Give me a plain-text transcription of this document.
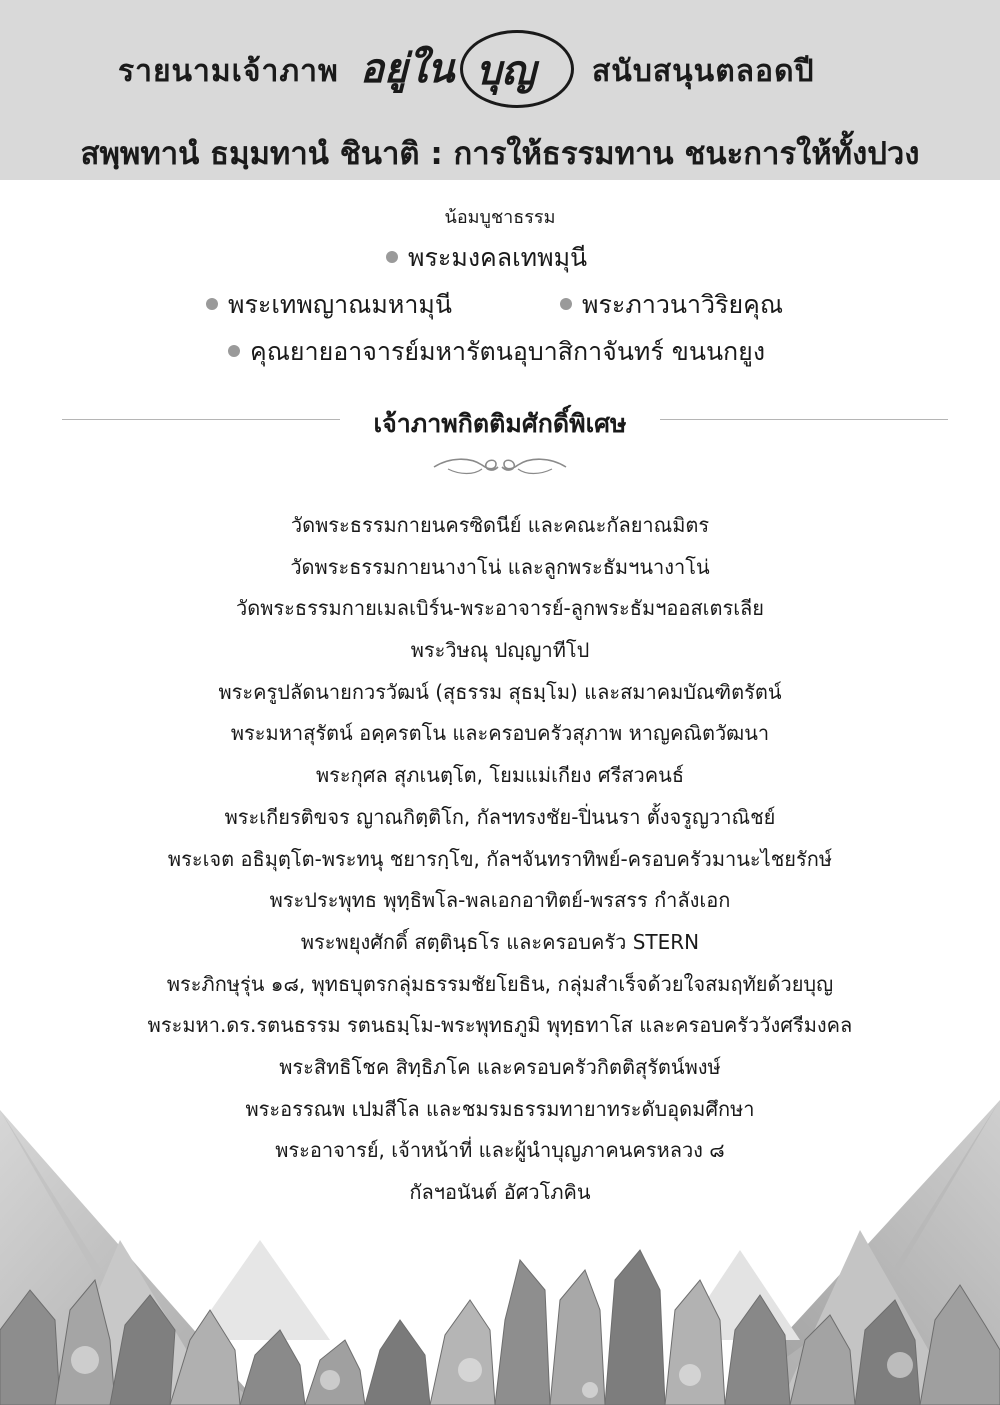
รายนามเจ้าภาพ อยู่ใน บุญ สนับสนุนตลอดปี
สพฺพทานํ ธมฺมทานํ ชินาติ : การให้ธรรมทาน ชนะการให้ทั้งปวง
น้อมบูชาธรรม
พระมงคลเทพมุนี
พระเทพญาณมหามุนี	พระภาวนาวิริยคุณ
คุณยายอาจารย์มหารัตนอุบาสิกาจันทร์ ขนนกยูง
เจ้าภาพกิตติมศักดิ์พิเศษ
วัดพระธรรมกายนครซิดนีย์ และคณะกัลยาณมิตร
วัดพระธรรมกายนางาโน่ และลูกพระธัมฯนางาโน่
วัดพระธรรมกายเมลเบิร์น-พระอาจารย์-ลูกพระธัมฯออสเตรเลีย
พระวิษณุ ปญฺญาทีโป
พระครูปลัดนายกวรวัฒน์ (สุธรรม สุธมฺโม) และสมาคมบัณฑิตรัตน์
พระมหาสุรัตน์ อคฺครตโน และครอบครัวสุภาพ หาญคณิตวัฒนา
พระกุศล สุภเนตฺโต, โยมแม่เกียง ศรีสวคนธ์
พระเกียรติขจร ญาณกิตฺติโก, กัลฯทรงชัย-ปิ่นนรา ตั้งจรูญวาณิชย์
พระเจต อธิมุตฺโต-พระทนุ ชยารกฺโข, กัลฯจันทราทิพย์-ครอบครัวมานะไชยรักษ์
พระประพุทธ พุทฺธิพโล-พลเอกอาทิตย์-พรสรร กำลังเอก
พระพยุงศักดิ์ สตฺตินฺธโร และครอบครัว STERN
พระภิกษุรุ่น ๑๘, พุทธบุตรกลุ่มธรรมชัยโยธิน, กลุ่มสำเร็จด้วยใจสมฤทัยด้วยบุญ
พระมหา.ดร.รตนธรรม รตนธมฺโม-พระพุทธภูมิ พุทฺธทาโส และครอบครัววังศรีมงคล
พระสิทธิโชค สิทฺธิภโค และครอบครัวกิตติสุรัตน์พงษ์
พระอรรณพ เปมสีโล และชมรมธรรมทายาทระดับอุดมศึกษา
พระอาจารย์, เจ้าหน้าที่ และผู้นำบุญภาคนครหลวง ๘
กัลฯอนันต์ อัศวโภคิน
